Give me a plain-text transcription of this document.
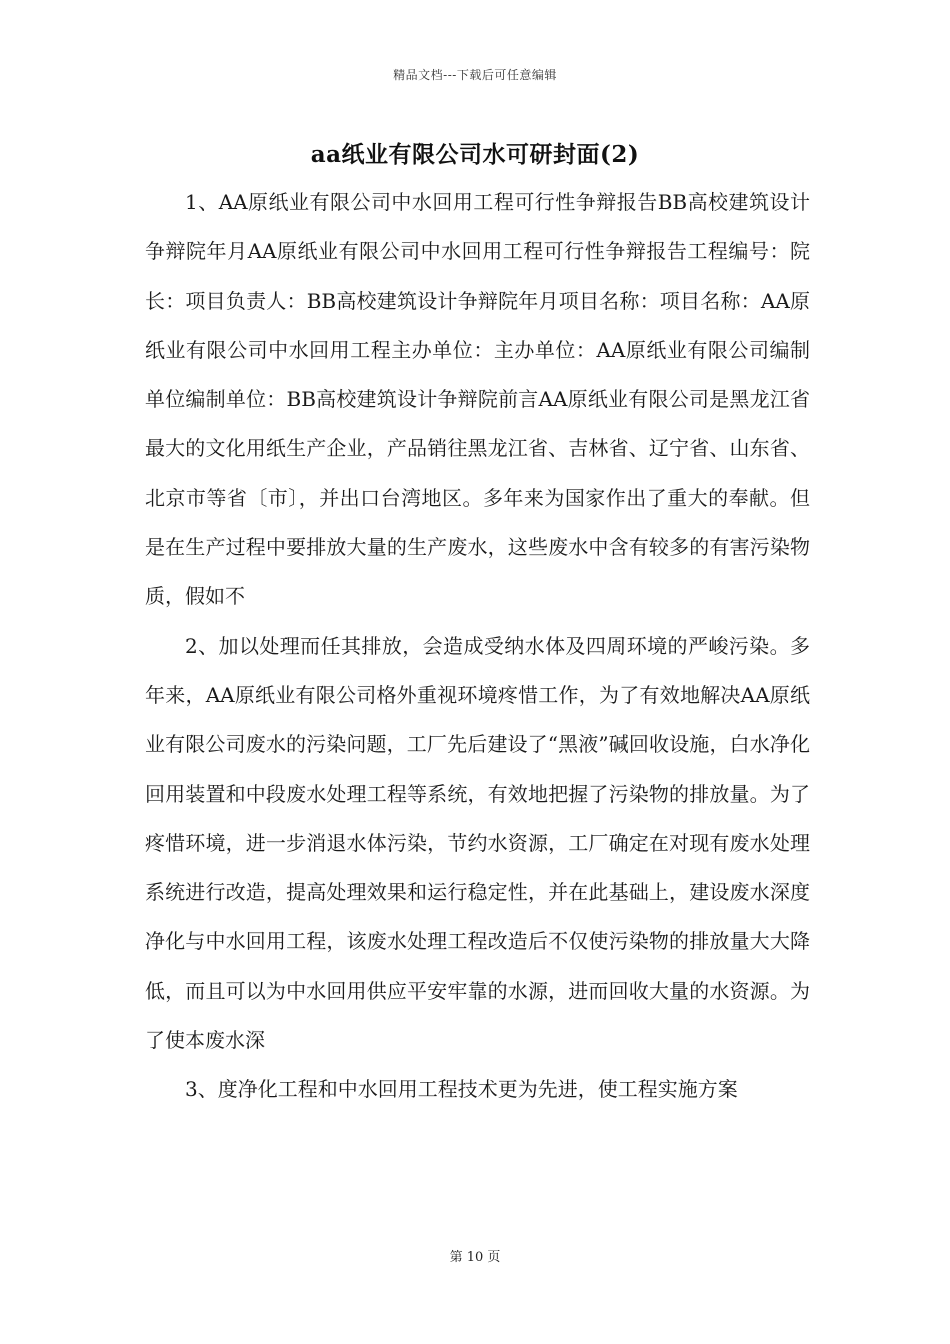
精品文档---下载后可任意编辑
aa纸业有限公司水可研封面(2)

1、AA原纸业有限公司中水回用工程可行性争辩报告BB高校建筑设计争辩院年月AA原纸业有限公司中水回用工程可行性争辩报告工程编号：院长：项目负责人：BB高校建筑设计争辩院年月项目名称：项目名称：AA原纸业有限公司中水回用工程主办单位：主办单位：AA原纸业有限公司编制单位编制单位：BB高校建筑设计争辩院前言AA原纸业有限公司是黑龙江省最大的文化用纸生产企业，产品销往黑龙江省、吉林省、辽宁省、山东省、北京市等省〔市〕，并出口台湾地区。多年来为国家作出了重大的奉献。但是在生产过程中要排放大量的生产废水，这些废水中含有较多的有害污染物质，假如不

2、加以处理而任其排放，会造成受纳水体及四周环境的严峻污染。多年来，AA原纸业有限公司格外重视环境疼惜工作，为了有效地解决AA原纸业有限公司废水的污染问题，工厂先后建设了“黑液”碱回收设施，白水净化回用装置和中段废水处理工程等系统，有效地把握了污染物的排放量。为了疼惜环境，进一步消退水体污染，节约水资源，工厂确定在对现有废水处理系统进行改造，提高处理效果和运行稳定性，并在此基础上，建设废水深度净化与中水回用工程，该废水处理工程改造后不仅使污染物的排放量大大降低，而且可以为中水回用供应平安牢靠的水源，进而回收大量的水资源。为了使本废水深

3、度净化工程和中水回用工程技术更为先进，使工程实施方案

第 10 页
